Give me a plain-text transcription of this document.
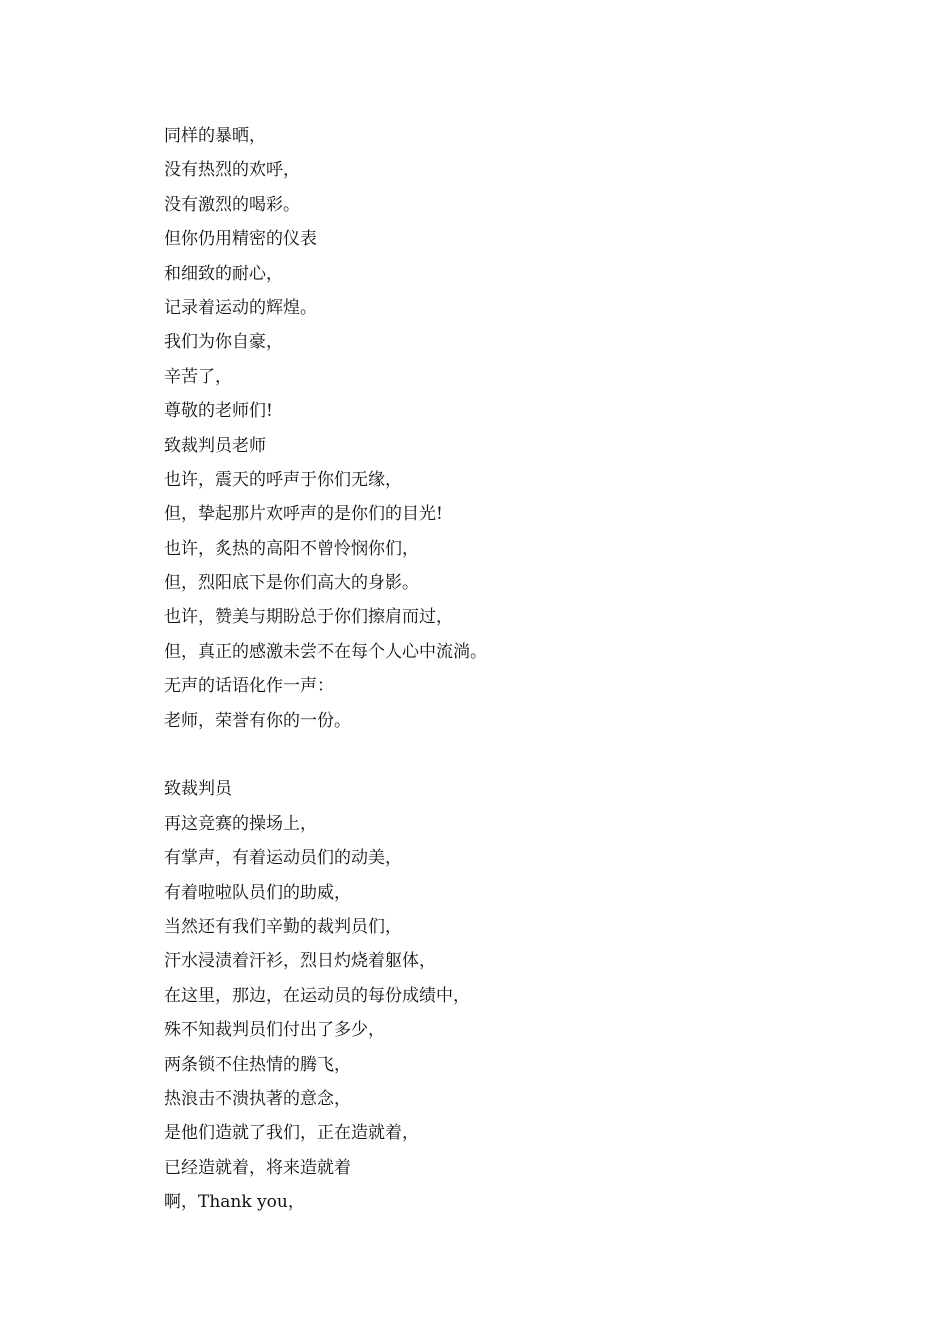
同样的暴晒，
没有热烈的欢呼，
没有激烈的喝彩。
但你仍用精密的仪表
和细致的耐心，
记录着运动的辉煌。
我们为你自豪，
辛苦了，
尊敬的老师们!
致裁判员老师
也许，震天的呼声于你们无缘，
但，挚起那片欢呼声的是你们的目光!
也许，炙热的高阳不曾怜悯你们，
但，烈阳底下是你们高大的身影。
也许，赞美与期盼总于你们擦肩而过，
但，真正的感激未尝不在每个人心中流淌。
无声的话语化作一声：
老师，荣誉有你的一份。
致裁判员
再这竞赛的操场上，
有掌声，有着运动员们的动美，
有着啦啦队员们的助威，
当然还有我们辛勤的裁判员们，
汗水浸渍着汗衫，烈日灼烧着躯体，
在这里，那边，在运动员的每份成绩中，
殊不知裁判员们付出了多少，
两条锁不住热情的腾飞，
热浪击不溃执著的意念，
是他们造就了我们，正在造就着，
已经造就着，将来造就着
啊，Thank you，
